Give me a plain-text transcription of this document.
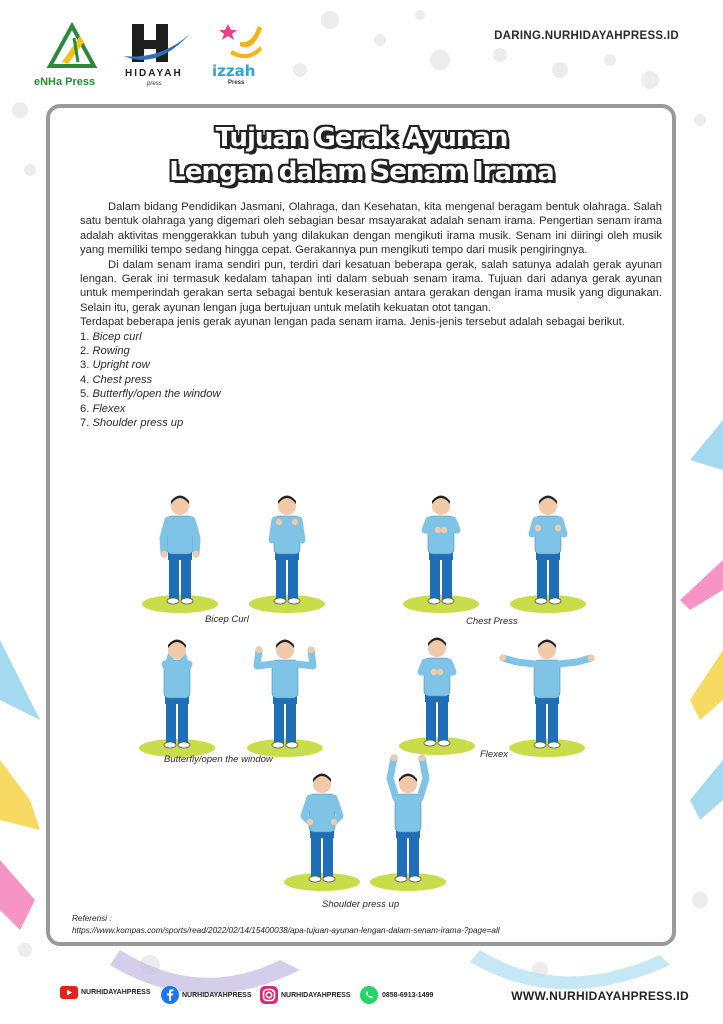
eNHa Press
HIDAYAH
press
izzah
Press
DARING.NURHIDAYAHPRESS.ID
Tujuan Gerak Ayunan
Lengan dalam Senam Irama

Dalam bidang Pendidikan Jasmani, Olahraga, dan Kesehatan, kita mengenal beragam bentuk olahraga. Salah satu bentuk olahraga yang digemari oleh sebagian besar msayarakat adalah senam irama. Pengertian senam irama adalah aktivitas menggerakkan tubuh yang dilakukan dengan mengikuti irama musik. Senam ini diiringi oleh musik yang memiliki tempo sedang hingga cepat. Gerakannya pun mengikuti tempo dari musik pengiringnya.

Di dalam senam irama sendiri pun, terdiri dari kesatuan beberapa gerak, salah satunya adalah gerak ayunan lengan. Gerak ini termasuk kedalam tahapan inti dalam sebuah senam irama. Tujuan dari adanya gerak ayunan untuk memperindah gerakan serta sebagai bentuk keserasian antara gerakan dengan irama musik yang digunakan. Selain itu, gerak ayunan lengan juga bertujuan untuk melatih kekuatan otot tangan.

Terdapat beberapa jenis gerak ayunan lengan pada senam irama. Jenis-jenis tersebut adalah sebagai berikut.

1. Bicep curl
2. Rowing
3. Upright row
4. Chest press
5. Butterfly/open the window
6. Flexex
7. Shoulder press up
Bicep Curl	Chest Press
Butterfly/open the window	Flexex
Shoulder press up
Referensi :
https://www.kompas.com/sports/read/2022/02/14/15400038/apa-tujuan-ayunan-lengan-dalam-senam-irama-?page=all
NURHIDAYAHPRESS	NURHIDAYAHPRESS	NURHIDAYAHPRESS	0858-6913-1499	WWW.NURHIDAYAHPRESS.ID
